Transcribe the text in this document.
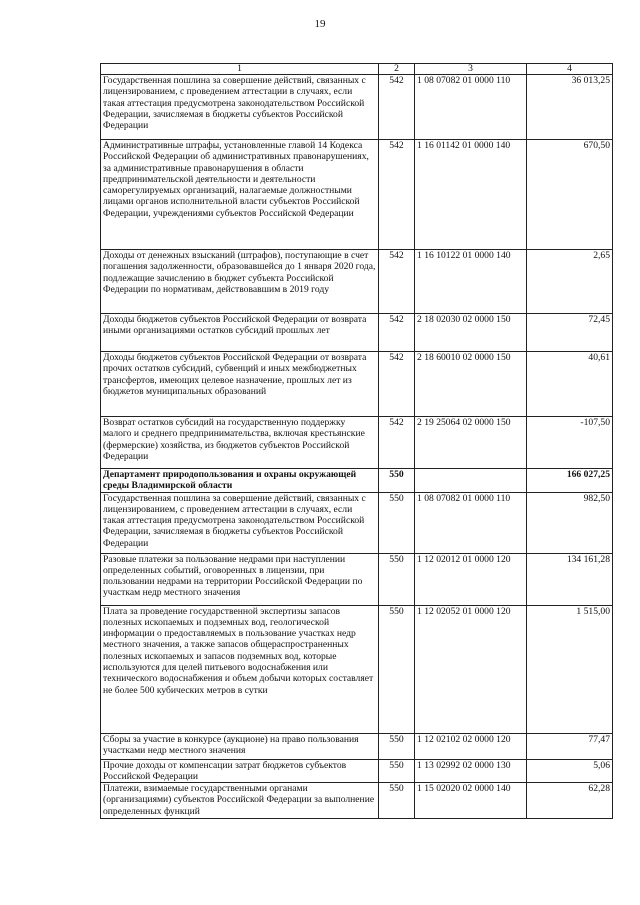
19
1	2	3	4
Государственная пошлина за совершение действий, связанных с лицензированием, с проведением аттестации в случаях, если такая аттестация предусмотрена законодательством Российской Федерации, зачисляемая в бюджеты субъектов Российской Федерации	542	1 08 07082 01 0000 110	36 013,25
Административные штрафы, установленные главой 14 Кодекса Российской Федерации об административных правонарушениях, за административные правонарушения в области предпринимательской деятельности и деятельности саморегулируемых организаций, налагаемые должностными лицами органов исполнительной власти субъектов Российской Федерации, учреждениями субъектов Российской Федерации	542	1 16 01142 01 0000 140	670,50
Доходы от денежных взысканий (штрафов), поступающие в счет погашения задолженности, образовавшейся до 1 января 2020 года, подлежащие зачислению в бюджет субъекта Российской Федерации по нормативам, действовавшим в 2019 году	542	1 16 10122 01 0000 140	2,65
Доходы бюджетов субъектов Российской Федерации от возврата иными организациями остатков субсидий прошлых лет	542	2 18 02030 02 0000 150	72,45
Доходы бюджетов субъектов Российской Федерации от возврата прочих остатков субсидий, субвенций и иных межбюджетных трансфертов, имеющих целевое назначение, прошлых лет из бюджетов муниципальных образований	542	2 18 60010 02 0000 150	40,61
Возврат остатков субсидий на государственную поддержку малого и среднего предпринимательства, включая крестьянские (фермерские) хозяйства, из бюджетов субъектов Российской Федерации	542	2 19 25064 02 0000 150	-107,50
Департамент природопользования и охраны окружающей среды Владимирской области	550		166 027,25
Государственная пошлина за совершение действий, связанных с лицензированием, с проведением аттестации в случаях, если такая аттестация предусмотрена законодательством Российской Федерации, зачисляемая в бюджеты субъектов Российской Федерации	550	1 08 07082 01 0000 110	982,50
Разовые платежи за пользование недрами при наступлении определенных событий, оговоренных в лицензии, при пользовании недрами на территории Российской Федерации по участкам недр местного значения	550	1 12 02012 01 0000 120	134 161,28
Плата за проведение государственной экспертизы запасов полезных ископаемых и подземных вод, геологической информации о предоставляемых в пользование участках недр местного значения, а также запасов общераспространенных полезных ископаемых и запасов подземных вод, которые используются для целей питьевого водоснабжения или технического водоснабжения и объем добычи которых составляет не более 500 кубических метров в сутки	550	1 12 02052 01 0000 120	1 515,00
Сборы за участие в конкурсе (аукционе) на право пользования участками недр местного значения	550	1 12 02102 02 0000 120	77,47
Прочие доходы от компенсации затрат бюджетов субъектов Российской Федерации	550	1 13 02992 02 0000 130	5,06
Платежи, взимаемые государственными органами (организациями) субъектов Российской Федерации за выполнение определенных функций	550	1 15 02020 02 0000 140	62,28
